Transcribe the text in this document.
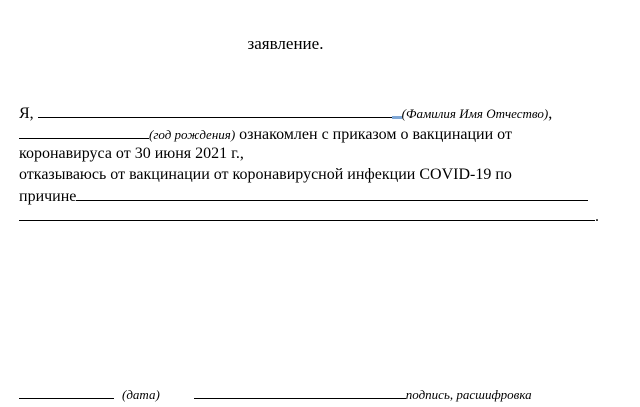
заявление.
Я,	(Фамилия Имя Отчество),
(год рождения) ознакомлен с приказом о вакцинации от
коронавируса от 30 июня 2021 г.,
отказываюсь от вакцинации от коронавирусной инфекции COVID-19 по
причине
.
(дата)	подпись, расшифровка
